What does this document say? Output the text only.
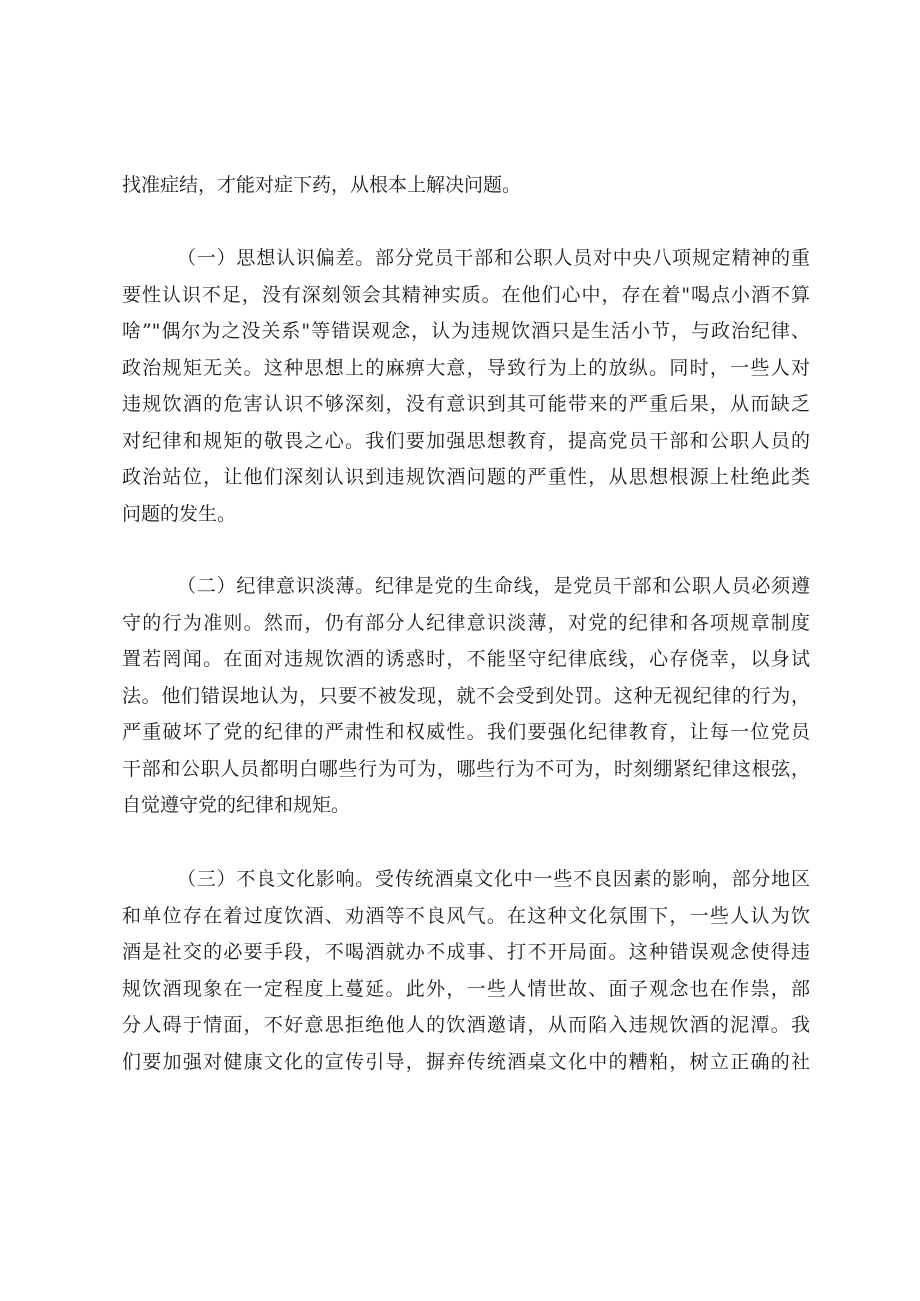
找准症结，才能对症下药，从根本上解决问题。
（一）思想认识偏差。部分党员干部和公职人员对中央八项规定精神的重
要性认识不足，没有深刻领会其精神实质。在他们心中，存在着"喝点小酒不算
啥”"偶尔为之没关系"等错误观念，认为违规饮酒只是生活小节，与政治纪律、
政治规矩无关。这种思想上的麻痹大意，导致行为上的放纵。同时，一些人对
违规饮酒的危害认识不够深刻，没有意识到其可能带来的严重后果，从而缺乏
对纪律和规矩的敬畏之心。我们要加强思想教育，提高党员干部和公职人员的
政治站位，让他们深刻认识到违规饮酒问题的严重性，从思想根源上杜绝此类
问题的发生。
（二）纪律意识淡薄。纪律是党的生命线，是党员干部和公职人员必须遵
守的行为准则。然而，仍有部分人纪律意识淡薄，对党的纪律和各项规章制度
置若罔闻。在面对违规饮酒的诱惑时，不能坚守纪律底线，心存侥幸，以身试
法。他们错误地认为，只要不被发现，就不会受到处罚。这种无视纪律的行为，
严重破坏了党的纪律的严肃性和权威性。我们要强化纪律教育，让每一位党员
干部和公职人员都明白哪些行为可为，哪些行为不可为，时刻绷紧纪律这根弦，
自觉遵守党的纪律和规矩。
（三）不良文化影响。受传统酒桌文化中一些不良因素的影响，部分地区
和单位存在着过度饮酒、劝酒等不良风气。在这种文化氛围下，一些人认为饮
酒是社交的必要手段，不喝酒就办不成事、打不开局面。这种错误观念使得违
规饮酒现象在一定程度上蔓延。此外，一些人情世故、面子观念也在作祟，部
分人碍于情面，不好意思拒绝他人的饮酒邀请，从而陷入违规饮酒的泥潭。我
们要加强对健康文化的宣传引导，摒弃传统酒桌文化中的糟粕，树立正确的社
